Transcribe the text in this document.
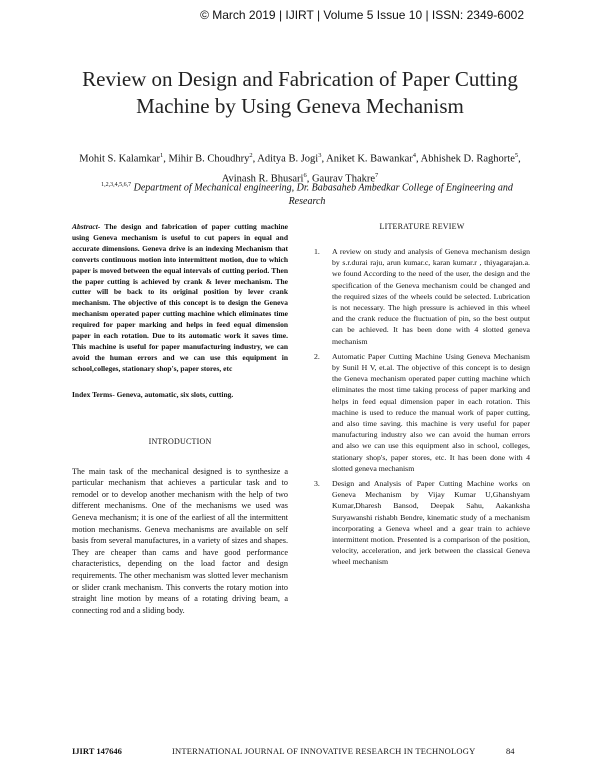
© March 2019 | IJIRT | Volume 5 Issue 10 | ISSN: 2349-6002
Review on Design and Fabrication of Paper Cutting
Machine by Using Geneva Mechanism
Mohit S. Kalamkar$^1$, Mihir B. Choudhry$^2$, Aditya B. Jogi$^3$, Aniket K. Bawankar$^4$, Abhishek D. Raghorte$^5$,
Avinash R. Bhusari$^6$, Gaurav Thakre$^7$
$^{1,2,3,4,5,6,7}$ Department of Mechanical engineering, Dr. Babasaheb Ambedkar College of Engineering and
Research

Abstract- The design and fabrication of paper cutting machine using Geneva mechanism is useful to cut papers in equal and accurate dimensions. Geneva drive is an indexing Mechanism that converts continuous motion into intermittent motion, due to which paper is moved between the equal intervals of cutting period. Then the paper cutting is achieved by crank & lever mechanism. The cutter will be back to its original position by lever crank mechanism. The objective of this concept is to design the Geneva mechanism operated paper cutting machine which eliminates time required for paper marking and helps in feed equal dimension paper in each rotation. Due to its automatic work it saves time. This machine is useful for paper manufacturing industry, we can avoid the human errors and we can use this equipment in school,colleges, stationary shop's, paper stores, etc

Index Terms- Geneva, automatic, six slots, cutting.

INTRODUCTION

The main task of the mechanical designed is to synthesize a particular mechanism that achieves a particular task and to remodel or to develop another mechanism with the help of two different mechanisms. One of the mechanisms we used was Geneva mechanism; it is one of the earliest of all the intermittent motion mechanisms. Geneva mechanisms are available on self basis from several manufactures, in a variety of sizes and shapes. They are cheaper than cams and have good performance characteristics, depending on the load factor and design requirements. The other mechanism was slotted lever mechanism or slider crank mechanism. This converts the rotary motion into straight line motion by means of a rotating driving beam, a connecting rod and a sliding body.

LITERATURE REVIEW

1. A review on study and analysis of Geneva mechanism design by s.r.durai raju, arun kumar.c, karan kumar.r , thiyagarajan.a. we found According to the need of the user, the design and the specification of the Geneva mechanism could be changed and the required sizes of the wheels could be selected. Lubrication is not necessary. The high pressure is achieved in this wheel and the crank reduce the fluctuation of pin, so the best output can be achieved. It has been done with 4 slotted geneva mechanism
2. Automatic Paper Cutting Machine Using Geneva Mechanism by Sunil H V, et.al. The objective of this concept is to design the Geneva mechanism operated paper cutting machine which eliminates the most time taking process of paper marking and helps in feed equal dimension paper in each rotation. This machine is used to reduce the manual work of paper cutting, and also time saving. this machine is very useful for paper manufacturing industry also we can avoid the human errors and also we can use this equipment also in school, colleges, stationary shop's, paper stores, etc. It has been done with 4 slotted geneva mechanism
3. Design and Analysis of Paper Cutting Machine works on Geneva Mechanism by Vijay Kumar U,Ghanshyam Kumar,Dharesh Bansod, Deepak Sahu, Aakanksha Suryawanshi rishabh Bendre, kinematic study of a mechanism incorporating a Geneva wheel and a gear train to achieve intermittent motion. Presented is a comparison of the position, velocity, acceleration, and jerk between the classical Geneva wheel mechanism
IJIRT 147646	INTERNATIONAL JOURNAL OF INNOVATIVE RESEARCH IN TECHNOLOGY	84
